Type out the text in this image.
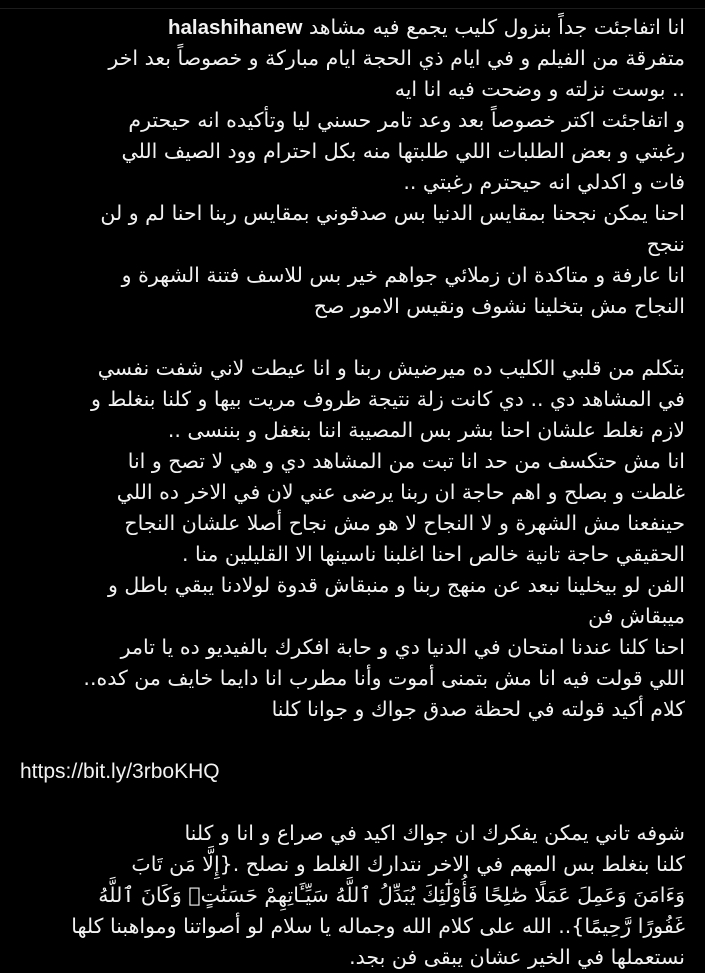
انا اتفاجئت جداً بنزول كليب يجمع فيه مشاهد halashihanew
متفرقة من الفيلم و في ايام ذي الحجة ايام مباركة و خصوصاً بعد اخر
.. بوست نزلته و وضحت فيه انا ايه
و اتفاجئت اكتر خصوصاً بعد وعد تامر حسني ليا وتأكيده انه حيحترم
رغبتي و بعض الطلبات اللي طلبتها منه بكل احترام وود الصيف اللي
فات و اكدلي انه حيحترم رغبتي ..
احنا يمكن نجحنا بمقايس الدنيا بس صدقوني بمقايس ربنا احنا لم و لن
ننجح
انا عارفة و متاكدة ان زملائي جواهم خير بس للاسف فتنة الشهرة و
النجاح مش بتخلينا نشوف ونقيس الامور صح
بتكلم من قلبي الكليب ده ميرضيش ربنا و انا عيطت لاني شفت نفسي
في المشاهد دي .. دي كانت زلة نتيجة ظروف مريت بيها و كلنا بنغلط و
لازم نغلط علشان احنا بشر بس المصيبة اننا بنغفل و بننسى ..
انا مش حتكسف من حد انا تبت من المشاهد دي و هي لا تصح و انا
غلطت و بصلح و اهم حاجة ان ربنا يرضى عني لان في الاخر ده اللي
حينفعنا مش الشهرة و لا النجاح لا هو مش نجاح أصلا علشان النجاح
الحقيقي حاجة تانية خالص احنا اغلبنا ناسينها الا القليلين منا .
الفن لو بيخلينا نبعد عن منهج ربنا و منبقاش قدوة لولادنا يبقي باطل و
ميبقاش فن
احنا كلنا عندنا امتحان في الدنيا دي و حابة افكرك بالفيديو ده يا تامر
اللي قولت فيه انا مش بتمنى أموت وأنا مطرب انا دايما خايف من كده..
كلام أكيد قولته في لحظة صدق جواك و جوانا كلنا
https://bit.ly/3rboKHQ
شوفه تاني يمكن يفكرك ان جواك اكيد في صراع و انا و كلنا
كلنا بنغلط بس المهم في الاخر نتدارك الغلط و نصلح .{إِلَّا مَن تَابَ
وَءَامَنَ وَعَمِلَ عَمَلًا صَٰلِحًا فَأُوْلَٰٓئِكَ يُبَدِّلُ ٱللَّهُ سَيِّـَٔاتِهِمْ حَسَنَٰتٍۗ وَكَانَ ٱللَّهُ
غَفُورًا رَّحِيمًا}.. الله على كلام الله وجماله يا سلام لو أصواتنا ومواهبنا كلها
نستعملها في الخير عشان يبقى فن بجد.
